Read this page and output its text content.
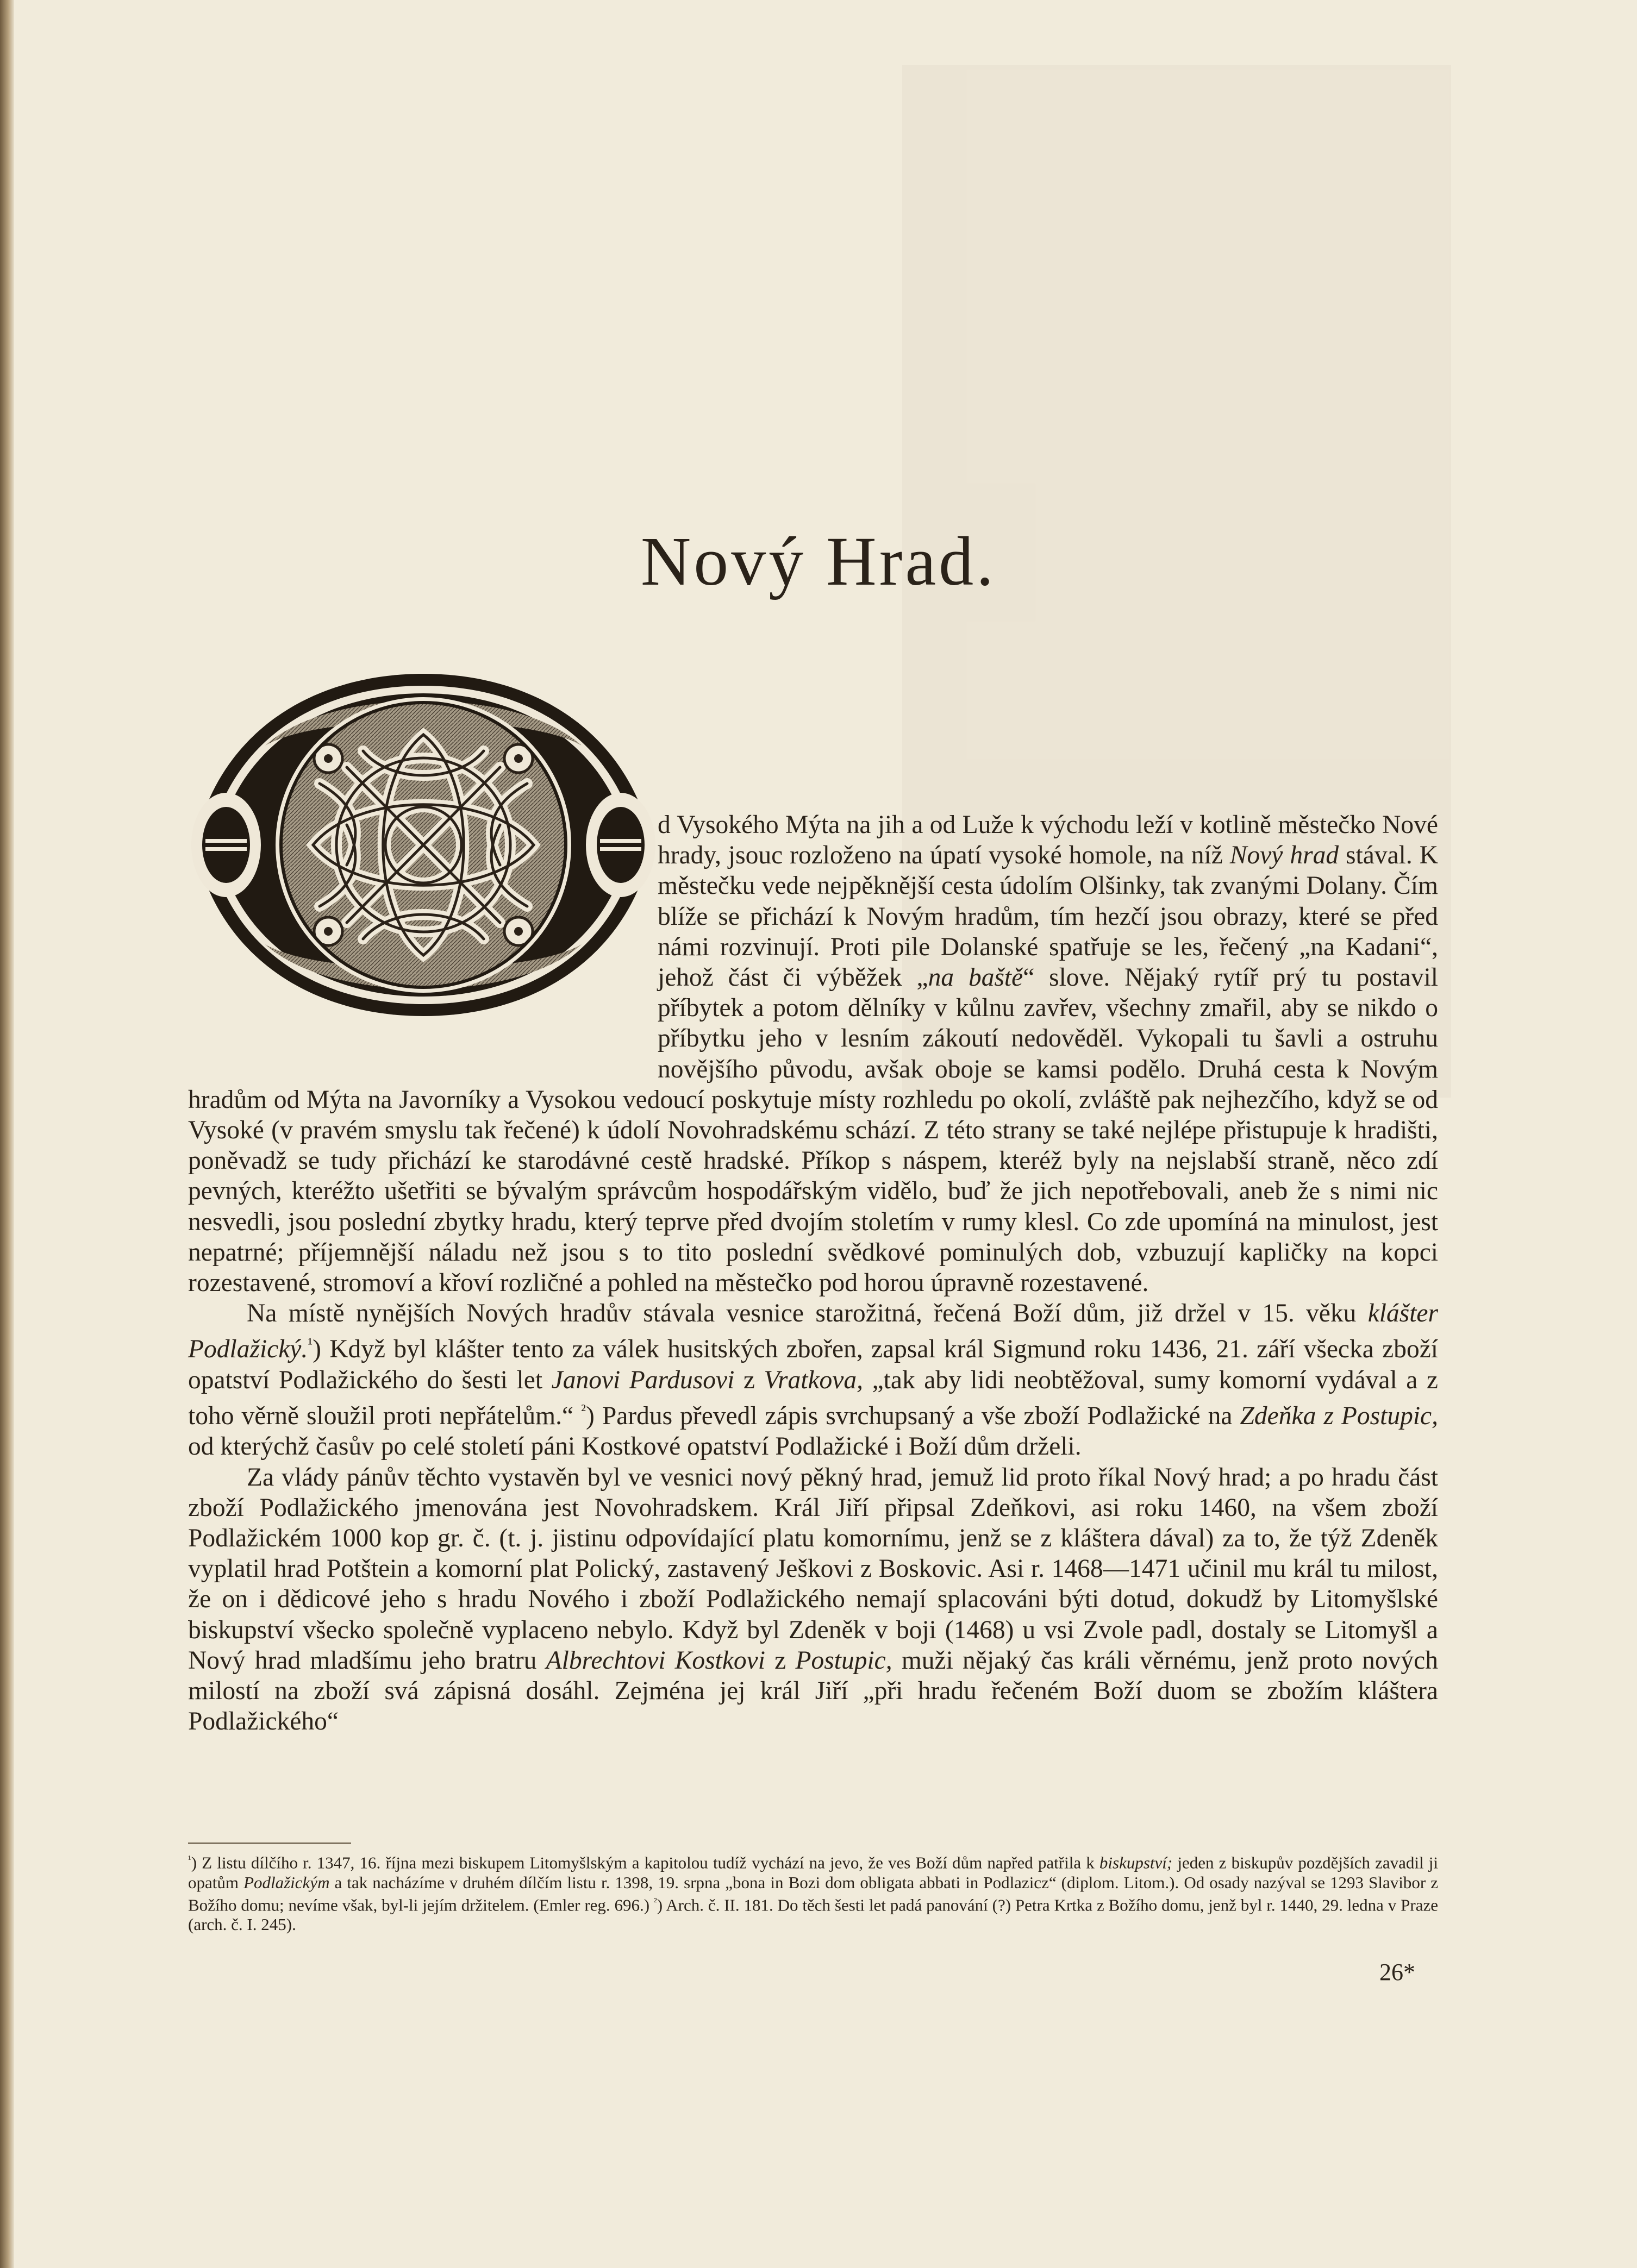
Nový Hrad.

d Vysokého Mýta na jih a od Luže k východu leží v kotlině městečko Nové hrady, jsouc rozloženo na úpatí vysoké homole, na níž Nový hrad stával. K městečku vede nejpěknější cesta údolím Olšinky, tak zvanými Dolany. Čím blíže se přichází k Novým hradům, tím hezčí jsou obrazy, které se před námi rozvinují. Proti pile Dolanské spatřuje se les, řečený „na Kadani“, jehož část či výběžek „na baště“ slove. Nějaký rytíř prý tu postavil příbytek a potom dělníky v kůlnu zavřev, všechny zmařil, aby se nikdo o příbytku jeho v lesním zákoutí nedověděl. Vykopali tu šavli a ostruhu novějšího původu, avšak oboje se kamsi podělo. Druhá cesta k Novým hradům od Mýta na Javorníky a Vysokou vedoucí poskytuje místy rozhledu po okolí, zvláště pak nejhezčího, když se od Vysoké (v pravém smyslu tak řečené) k údolí Novohradskému schází. Z této strany se také nejlépe přistupuje k hradišti, poněvadž se tudy přichází ke starodávné cestě hradské. Příkop s náspem, kteréž byly na nejslabší straně, něco zdí pevných, kteréžto ušetřiti se bývalým správcům hospodářským vidělo, buď že jich nepotřebovali, aneb že s nimi nic nesvedli, jsou poslední zbytky hradu, který teprve před dvojím stoletím v rumy klesl. Co zde upomíná na minulost, jest nepatrné; příjemnější náladu než jsou s to tito poslední svědkové pominulých dob, vzbuzují kapličky na kopci rozestavené, stromoví a křoví rozličné a pohled na městečko pod horou úpravně rozestavené.

Na místě nynějších Nových hradův stávala vesnice starožitná, řečená Boží dům, již držel v 15. věku klášter Podlažický.$^{^1}$) Když byl klášter tento za válek husitských zbořen, zapsal král Sigmund roku 1436, 21. září všecka zboží opatství Podlažického do šesti let Janovi Pardusovi z Vratkova, „tak aby lidi neobtěžoval, sumy komorní vydával a z toho věrně sloužil proti nepřátelům.“ $^{^2}$) Pardus převedl zápis svrchupsaný a vše zboží Podlažické na Zdeňka z Postupic, od kterýchž časův po celé století páni Kostkové opatství Podlažické i Boží dům drželi.

Za vlády pánův těchto vystavěn byl ve vesnici nový pěkný hrad, jemuž lid proto říkal Nový hrad; a po hradu část zboží Podlažického jmenována jest Novohradskem. Král Jiří připsal Zdeňkovi, asi roku 1460, na všem zboží Podlažickém 1000 kop gr. č. (t. j. jistinu odpovídající platu komornímu, jenž se z kláštera dával) za to, že týž Zdeněk vyplatil hrad Potštein a komorní plat Polický, zastavený Ješkovi z Boskovic. Asi r. 1468—1471 učinil mu král tu milost, že on i dědicové jeho s hradu Nového i zboží Podlažického nemají splacováni býti dotud, dokudž by Litomyšlské biskupství všecko společně vyplaceno nebylo. Když byl Zdeněk v boji (1468) u vsi Zvole padl, dostaly se Litomyšl a Nový hrad mladšímu jeho bratru Albrechtovi Kostkovi z Postupic, muži nějaký čas králi věrnému, jenž proto nových milostí na zboží svá zápisná dosáhl. Zejména jej král Jiří „při hradu řečeném Boží duom se zbožím kláštera Podlažického“

$^{^1}$) Z listu dílčího r. 1347, 16. října mezi biskupem Litomyšlským a kapitolou tudíž vychází na jevo, že ves Boží dům napřed patřila k biskupství; jeden z biskupův pozdějších zavadil ji opatům Podlažickým a tak nacházíme v druhém dílčím listu r. 1398, 19. srpna „bona in Bozi dom obligata abbati in Podlazicz“ (diplom. Litom.). Od osady nazýval se 1293 Slavibor z Božího domu; nevíme však, byl-li jejím držitelem. (Emler reg. 696.) $^{^2}$) Arch. č. II. 181. Do těch šesti let padá panování (?) Petra Krtka z Božího domu, jenž byl r. 1440, 29. ledna v Praze (arch. č. I. 245).
26*
